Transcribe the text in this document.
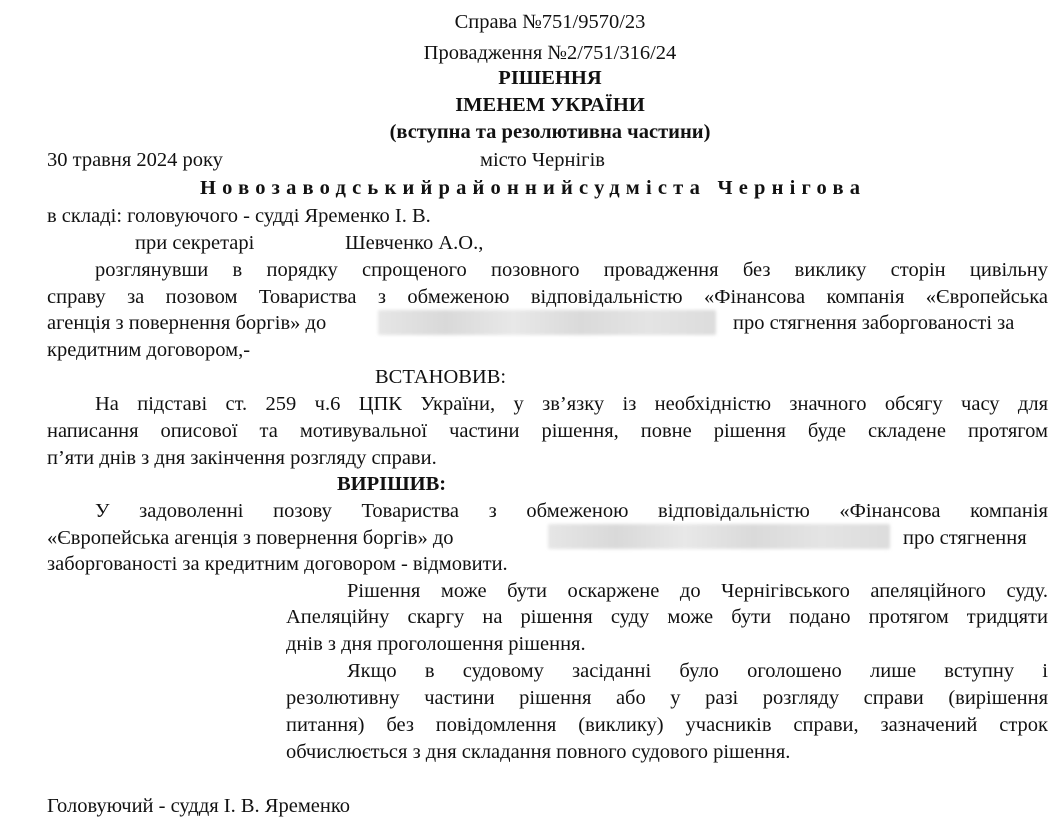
Справа №751/9570/23
Провадження №2/751/316/24
РІШЕННЯ
ІМЕНЕМ УКРАЇНИ
(вступна та резолютивна частини)
30 травня 2024 року	місто Чернігів
Новозаводськийрайоннийсудміста Чернігова
в складі: головуючого - судді Яременко І. В.
при секретарі	Шевченко А.О.,
розглянувши в порядку спрощеного позовного провадження без виклику сторін цивільну
справу за позовом Товариства з обмеженою відповідальністю «Фінансова компанія «Європейська
агенція з повернення боргів» до	про стягнення заборгованості за
кредитним договором,-
ВСТАНОВИВ:
На підставі ст. 259 ч.6 ЦПК України, у зв’язку із необхідністю значного обсягу часу для
написання описової та мотивувальної частини рішення, повне рішення буде складене протягом
п’яти днів з дня закінчення розгляду справи.
ВИРІШИВ:
У задоволенні позову Товариства з обмеженою відповідальністю «Фінансова компанія
«Європейська агенція з повернення боргів» до	про стягнення
заборгованості за кредитним договором - відмовити.
Рішення може бути оскаржене до Чернігівського апеляційного суду.
Апеляційну скаргу на рішення суду може бути подано протягом тридцяти
днів з дня проголошення рішення.
Якщо в судовому засіданні було оголошено лише вступну і
резолютивну частини рішення або у разі розгляду справи (вирішення
питання) без повідомлення (виклику) учасників справи, зазначений строк
обчислюється з дня складання повного судового рішення.
Головуючий - суддя І. В. Яременко
